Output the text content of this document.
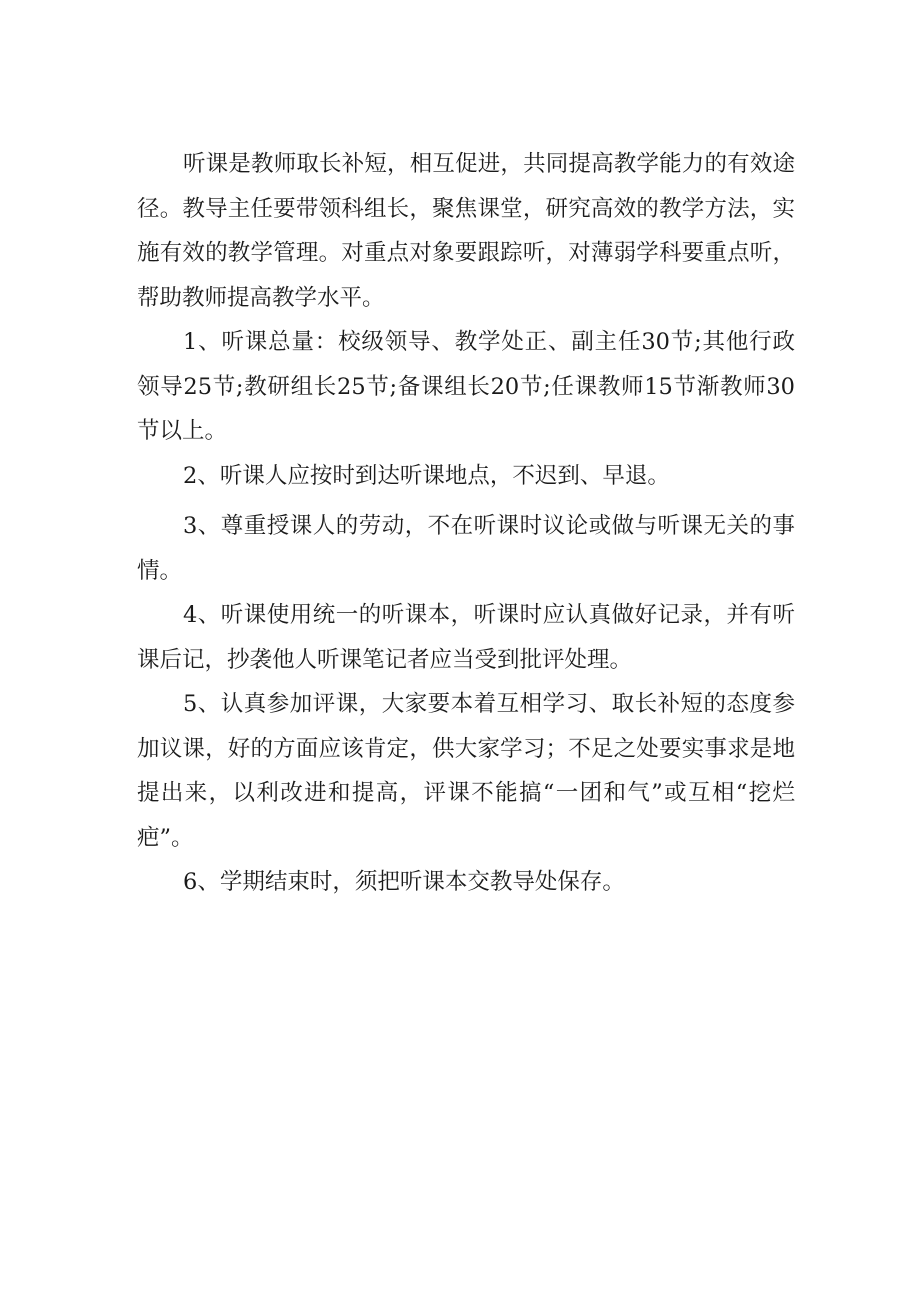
听课是教师取长补短，相互促进，共同提高教学能力的有效途径。教导主任要带领科组长，聚焦课堂，研究高效的教学方法，实施有效的教学管理。对重点对象要跟踪听，对薄弱学科要重点听，帮助教师提高教学水平。

1、听课总量：校级领导、教学处正、副主任30节;其他行政领导25节;教研组长25节;备课组长20节;任课教师15节渐教师30节以上。

2、听课人应按时到达听课地点，不迟到、早退。

3、尊重授课人的劳动，不在听课时议论或做与听课无关的事情。

4、听课使用统一的听课本，听课时应认真做好记录，并有听课后记，抄袭他人听课笔记者应当受到批评处理。

5、认真参加评课，大家要本着互相学习、取长补短的态度参加议课，好的方面应该肯定，供大家学习；不足之处要实事求是地提出来，以利改进和提高，评课不能搞“一团和气”或互相“挖烂疤”。

6、学期结束时，须把听课本交教导处保存。
